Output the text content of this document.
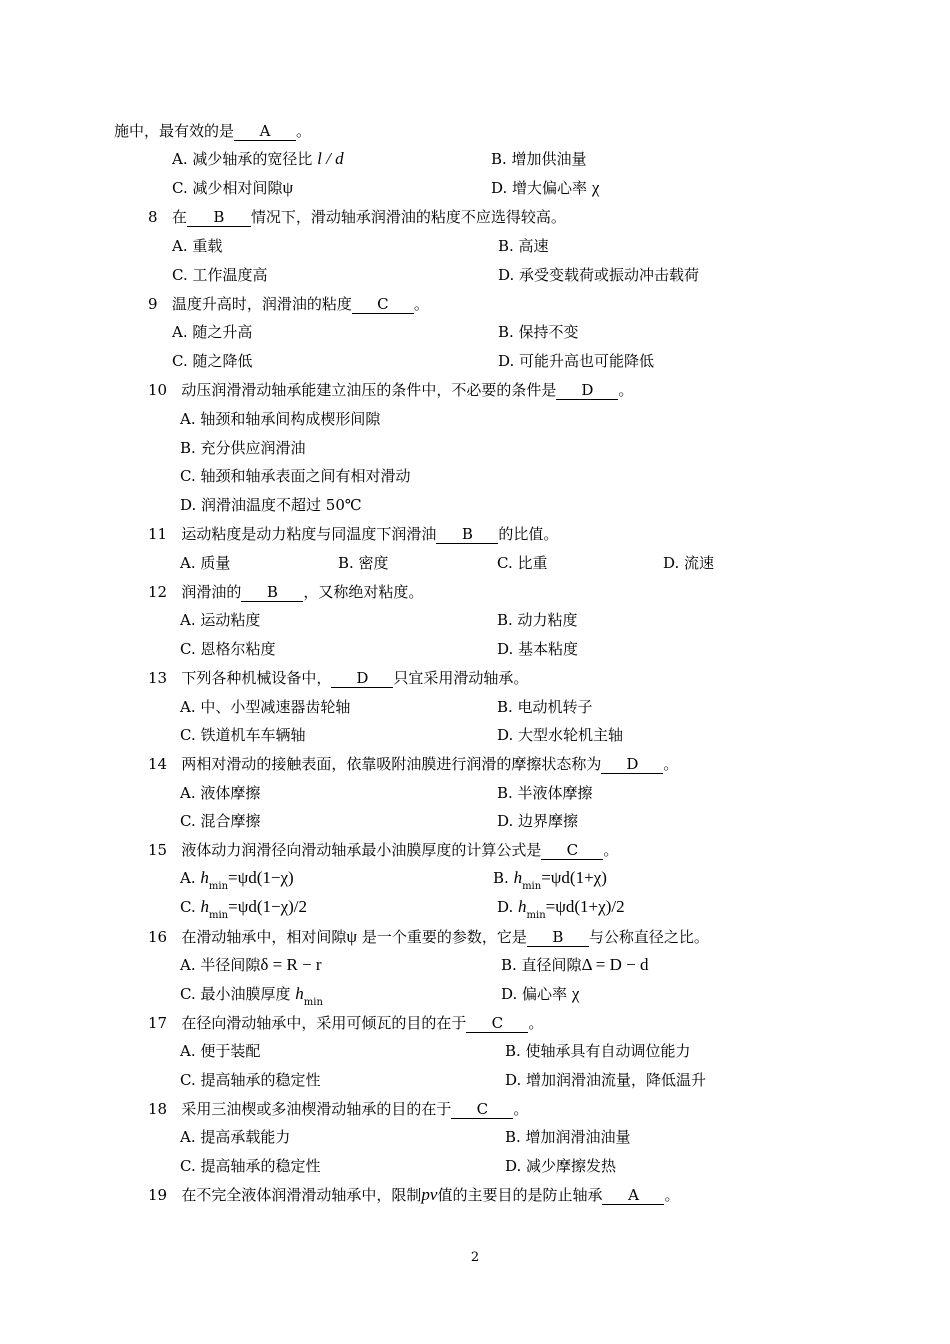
施中，最有效的是 A 。
A. 减少轴承的宽径比 l / d	B. 增加供油量
C. 减少相对间隙ψ	D. 增大偏心率 χ
8 在 B 情况下，滑动轴承润滑油的粘度不应选得较高。
A. 重载	B. 高速
C. 工作温度高	D. 承受变载荷或振动冲击载荷
9 温度升高时，润滑油的粘度 C 。
A. 随之升高	B. 保持不变
C. 随之降低	D. 可能升高也可能降低
10 动压润滑滑动轴承能建立油压的条件中，不必要的条件是 D 。
A. 轴颈和轴承间构成楔形间隙
B. 充分供应润滑油
C. 轴颈和轴承表面之间有相对滑动
D. 润滑油温度不超过 50℃
11 运动粘度是动力粘度与同温度下润滑油 B 的比值。
A. 质量	B. 密度	C. 比重	D. 流速
12 润滑油的 B ，又称绝对粘度。
A. 运动粘度	B. 动力粘度
C. 恩格尔粘度	D. 基本粘度
13 下列各种机械设备中， D 只宜采用滑动轴承。
A. 中、小型减速器齿轮轴	B. 电动机转子
C. 铁道机车车辆轴	D. 大型水轮机主轴
14 两相对滑动的接触表面，依靠吸附油膜进行润滑的摩擦状态称为 D 。
A. 液体摩擦	B. 半液体摩擦
C. 混合摩擦	D. 边界摩擦
15 液体动力润滑径向滑动轴承最小油膜厚度的计算公式是 C 。
A. $h_{min}=\psi d(1-\chi)$	B. $h_{min}=\psi d(1+\chi)$
C. $h_{min}=\psi d(1-\chi)/2$	D. $h_{min}=\psi d(1+\chi)/2$
16 在滑动轴承中，相对间隙ψ 是一个重要的参数，它是 B 与公称直径之比。
A. 半径间隙δ = R − r	B. 直径间隙Δ = D − d
C. 最小油膜厚度 $h_{min}$	D. 偏心率 χ
17 在径向滑动轴承中，采用可倾瓦的目的在于 C 。
A. 便于装配	B. 使轴承具有自动调位能力
C. 提高轴承的稳定性	D. 增加润滑油流量，降低温升
18 采用三油楔或多油楔滑动轴承的目的在于 C 。
A. 提高承载能力	B. 增加润滑油油量
C. 提高轴承的稳定性	D. 减少摩擦发热
19 在不完全液体润滑滑动轴承中，限制pv值的主要目的是防止轴承 A 。
2
